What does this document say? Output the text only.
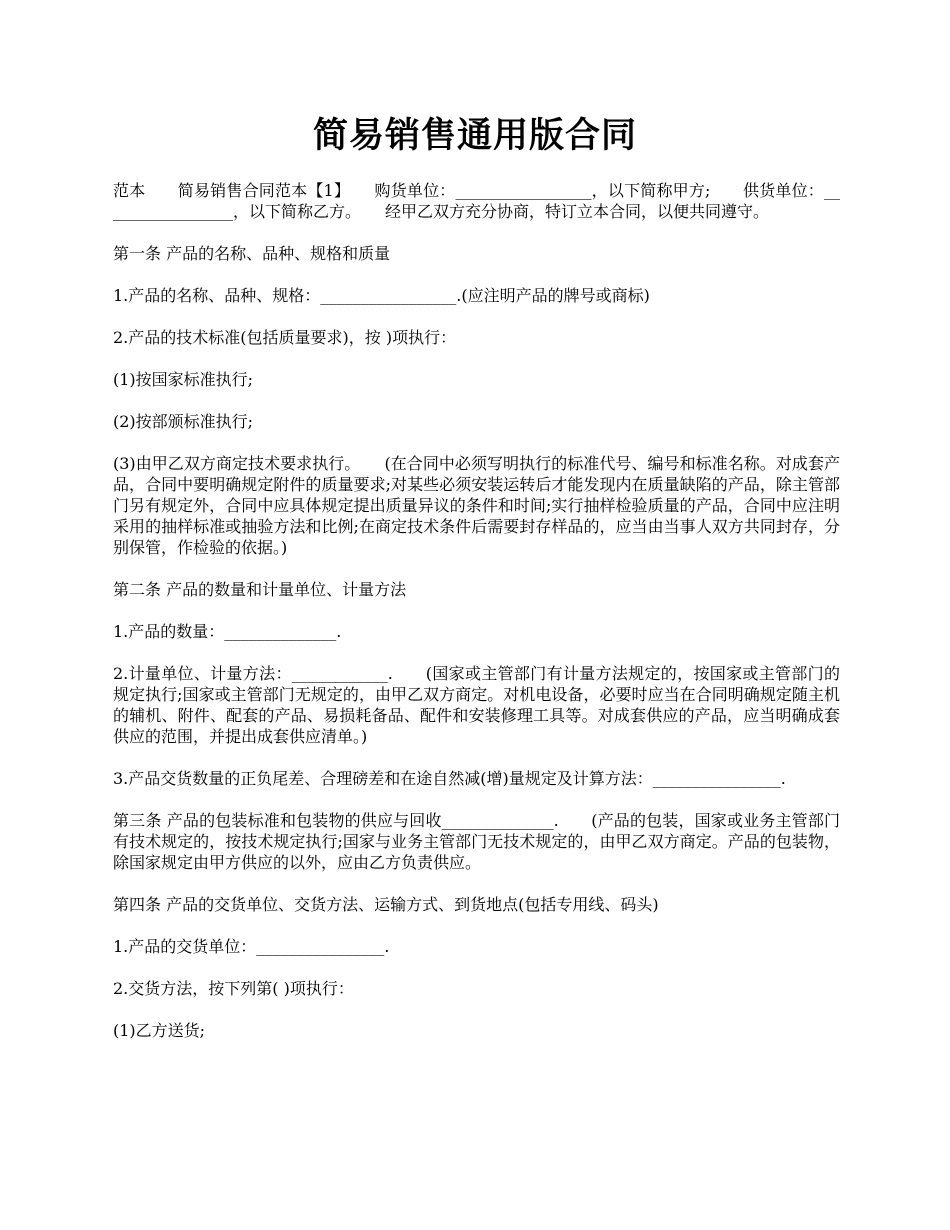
简易销售通用版合同

范本　　简易销售合同范本【1】　　购货单位：_________________，以下简称甲方;　　供货单位：_________________，以下简称乙方。　　经甲乙双方充分协商，特订立本合同，以便共同遵守。

第一条 产品的名称、品种、规格和质量

1.产品的名称、品种、规格：_________________.(应注明产品的牌号或商标)

2.产品的技术标准(包括质量要求)，按 )项执行：

(1)按国家标准执行;

(2)按部颁标准执行;

(3)由甲乙双方商定技术要求执行。　　(在合同中必须写明执行的标准代号、编号和标准名称。对成套产品，合同中要明确规定附件的质量要求;对某些必须安装运转后才能发现内在质量缺陷的产品，除主管部门另有规定外，合同中应具体规定提出质量异议的条件和时间;实行抽样检验质量的产品，合同中应注明采用的抽样标准或抽验方法和比例;在商定技术条件后需要封存样品的，应当由当事人双方共同封存，分别保管，作检验的依据。)

第二条 产品的数量和计量单位、计量方法

1.产品的数量：______________.

2.计量单位、计量方法：____________.　　(国家或主管部门有计量方法规定的，按国家或主管部门的规定执行;国家或主管部门无规定的，由甲乙双方商定。对机电设备，必要时应当在合同明确规定随主机的辅机、附件、配套的产品、易损耗备品、配件和安装修理工具等。对成套供应的产品，应当明确成套供应的范围，并提出成套供应清单。)

3.产品交货数量的正负尾差、合理磅差和在途自然减(增)量规定及计算方法：________________.

第三条 产品的包装标准和包装物的供应与回收______________.　　(产品的包装，国家或业务主管部门有技术规定的，按技术规定执行;国家与业务主管部门无技术规定的，由甲乙双方商定。产品的包装物，除国家规定由甲方供应的以外，应由乙方负责供应。

第四条 产品的交货单位、交货方法、运输方式、到货地点(包括专用线、码头)

1.产品的交货单位：________________.

2.交货方法，按下列第( )项执行：

(1)乙方送货;
